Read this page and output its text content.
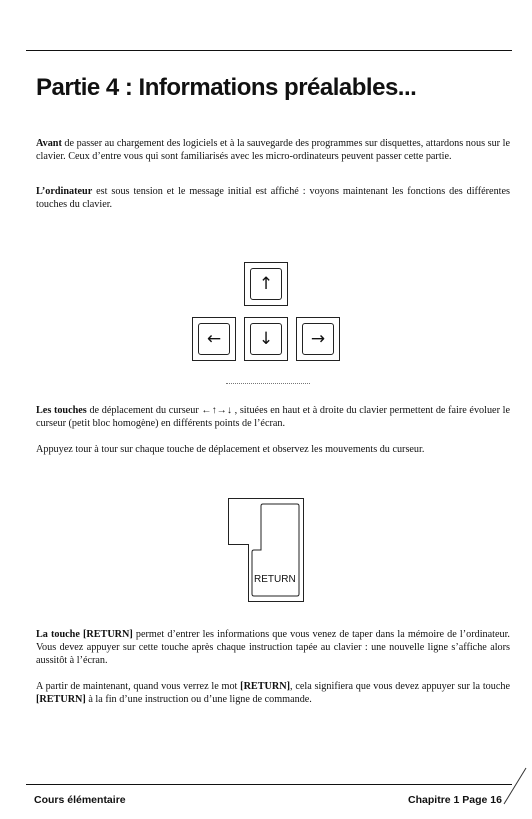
Partie 4 : Informations préalables...

Avant de passer au chargement des logiciels et à la sauvegarde des programmes sur disquettes, attardons nous sur le clavier. Ceux d’entre vous qui sont familiarisés avec les micro-ordinateurs peuvent passer cette partie.

L’ordinateur est sous tension et le message initial est affiché : voyons maintenant les fonctions des différentes touches du clavier.

↑
←	↓	→

Les touches de déplacement du curseur ←↑→↓ , situées en haut et à droite du clavier permettent de faire évoluer le curseur (petit bloc homogène) en différents points de l’écran.

Appuyez tour à tour sur chaque touche de déplacement et observez les mouvements du curseur.

RETURN

La touche [RETURN] permet d’entrer les informations que vous venez de taper dans la mémoire de l’ordinateur. Vous devez appuyer sur cette touche après chaque instruction tapée au clavier : une nouvelle ligne s’affiche alors aussitôt à l’écran.

A partir de maintenant, quand vous verrez le mot [RETURN], cela signifiera que vous devez appuyer sur la touche [RETURN] à la fin d’une instruction ou d’une ligne de commande.

Cours élémentaire	Chapitre 1 Page 16
